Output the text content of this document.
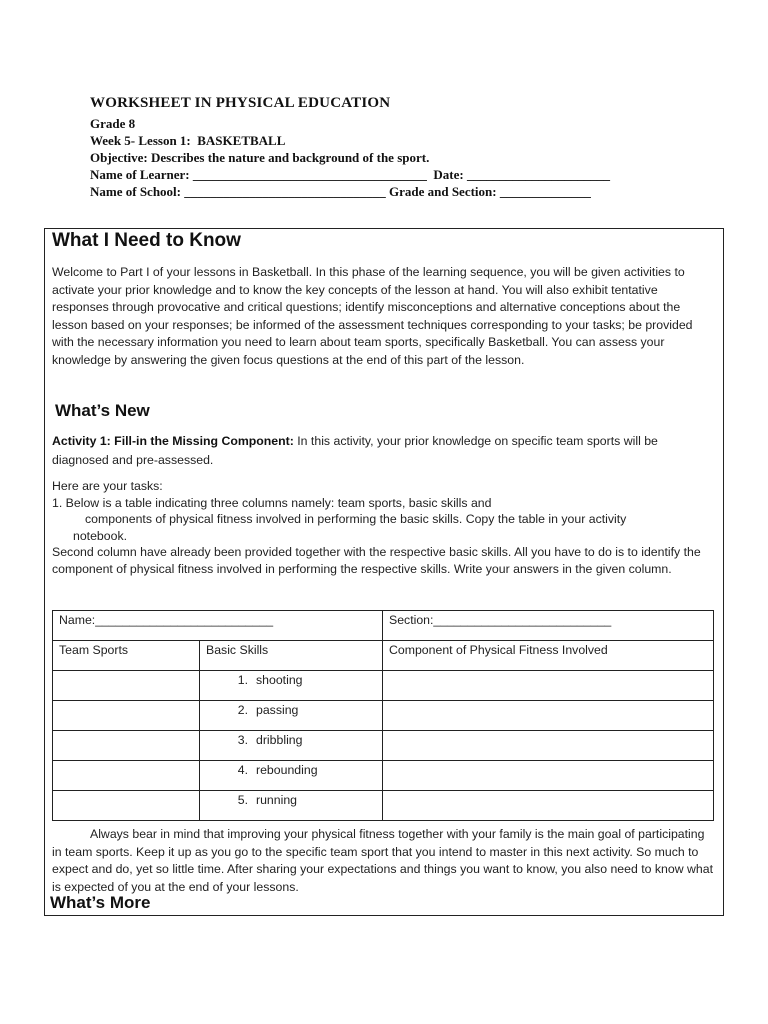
WORKSHEET IN PHYSICAL EDUCATION
Grade 8
Week 5- Lesson 1:  BASKETBALL
Objective: Describes the nature and background of the sport.
Name of Learner: ____________________________________  Date: ______________________
Name of School: _______________________________ Grade and Section: ______________
What I Need to Know
Welcome to Part I of your lessons in Basketball. In this phase of the learning sequence, you will be given activities to activate your prior knowledge and to know the key concepts of the lesson at hand. You will also exhibit tentative responses through provocative and critical questions; identify misconceptions and alternative conceptions about the lesson based on your responses; be informed of the assessment techniques corresponding to your tasks; be provided with the necessary information you need to learn about team sports, specifically Basketball. You can assess your knowledge by answering the given focus questions at the end of this part of the lesson.
What’s New
Activity 1: Fill-in the Missing Component: In this activity, your prior knowledge on specific team sports will be diagnosed and pre-assessed.
Here are your tasks:
1. Below is a table indicating three columns namely: team sports, basic skills and
components of physical fitness involved in performing the basic skills. Copy the table in your activity
notebook.
Second column have already been provided together with the respective basic skills. All you have to do is to identify the component of physical fitness involved in performing the respective skills. Write your answers in the given column.
Name:__________________________		Section:__________________________
Team Sports	Basic Skills	Component of Physical Fitness Involved
	1. shooting	
	2. passing	
	3. dribbling	
	4. rebounding	
	5. running	
Always bear in mind that improving your physical fitness together with your family is the main goal of participating in team sports. Keep it up as you go to the specific team sport that you intend to master in this next activity. So much to expect and do, yet so little time. After sharing your expectations and things you want to know, you also need to know what is expected of you at the end of your lessons.
What’s More
